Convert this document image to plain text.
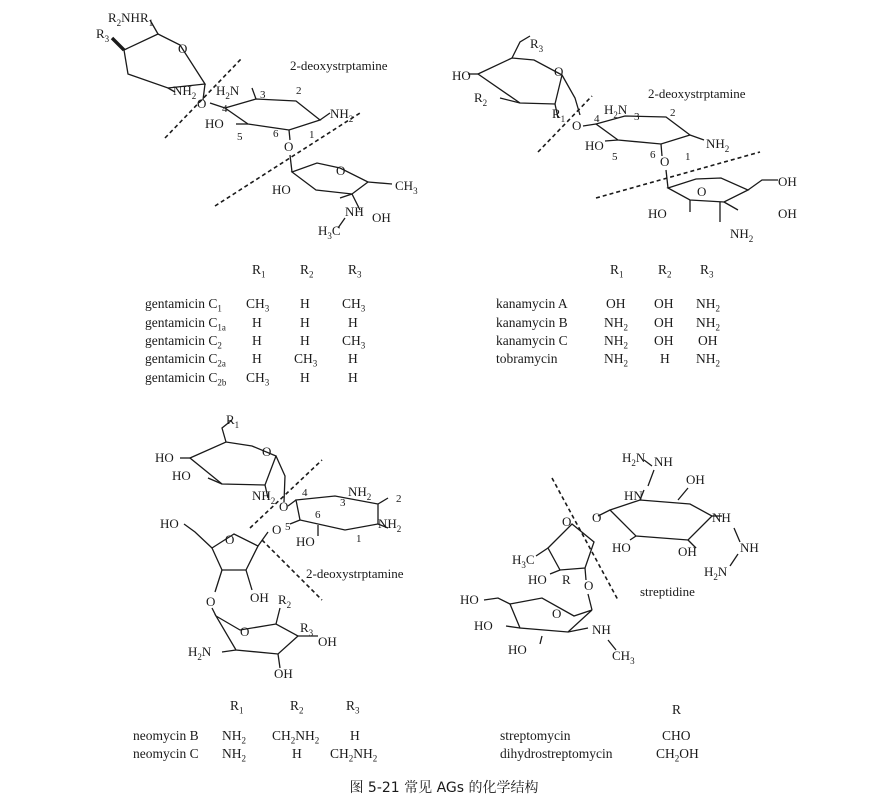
O
$R_2NHR_1$
$R_3$
$NH_2$ O
$H_2N$ 3	2
4
5	6	1
$NH_2$
HO
O
O
$CH_3$
HO
OH
NH
$H_3C$
2-deoxystrptamine	O
$R_3$
HO
$R_2$
$R_1$ O
$H_2N$
4	3	2
5	6	1
$NH_2$
HO
O
O
OH
OH
HO
$NH_2$
2-deoxystrptamine
O
$R_1$
HO
HO
$NH_2$ O
4
3
$NH_2$ 2
$NH_2$
5
1
HO
6
O
O
HO
OH
O
O
$R_2$
$R_3$
OH
$H_2N$
OH
2-deoxystrptamine
O
HN
NH
$H_2N$
OH
NH
NH
$H_2N$
HO	OH
O
$H_3C$
HO R O
O
HO
HO
HO
NH
$CH_3$
streptidine
$R_1$	$R_2$	$R_3$
gentamicin $C_1$ $CH_3$ H $CH_3$
gentamicin $C_{1a}$ H	H	H
gentamicin $C_2$ H	H $CH_3$
gentamicin $C_{2a}$ H $CH_3$ H
gentamicin $C_{2b}$ $CH_3$ H	H
$R_1$	$R_2$ $R_3$
kanamycin A	OH OH $NH_2$
kanamycin B	$NH_2$ OH $NH_2$
kanamycin C	$NH_2$ OH OH
tobramycin	$NH_2$ H $NH_2$
$R_1$	$R_2$	$R_3$
neomycin B $NH_2$ $CH_2NH_2$ H
neomycin C $NH_2$	H $CH_2NH_2$
R
streptomycin	CHO
dihydrostreptomycin	$CH_2OH$
图 5-21 常见 AGs 的化学结构
